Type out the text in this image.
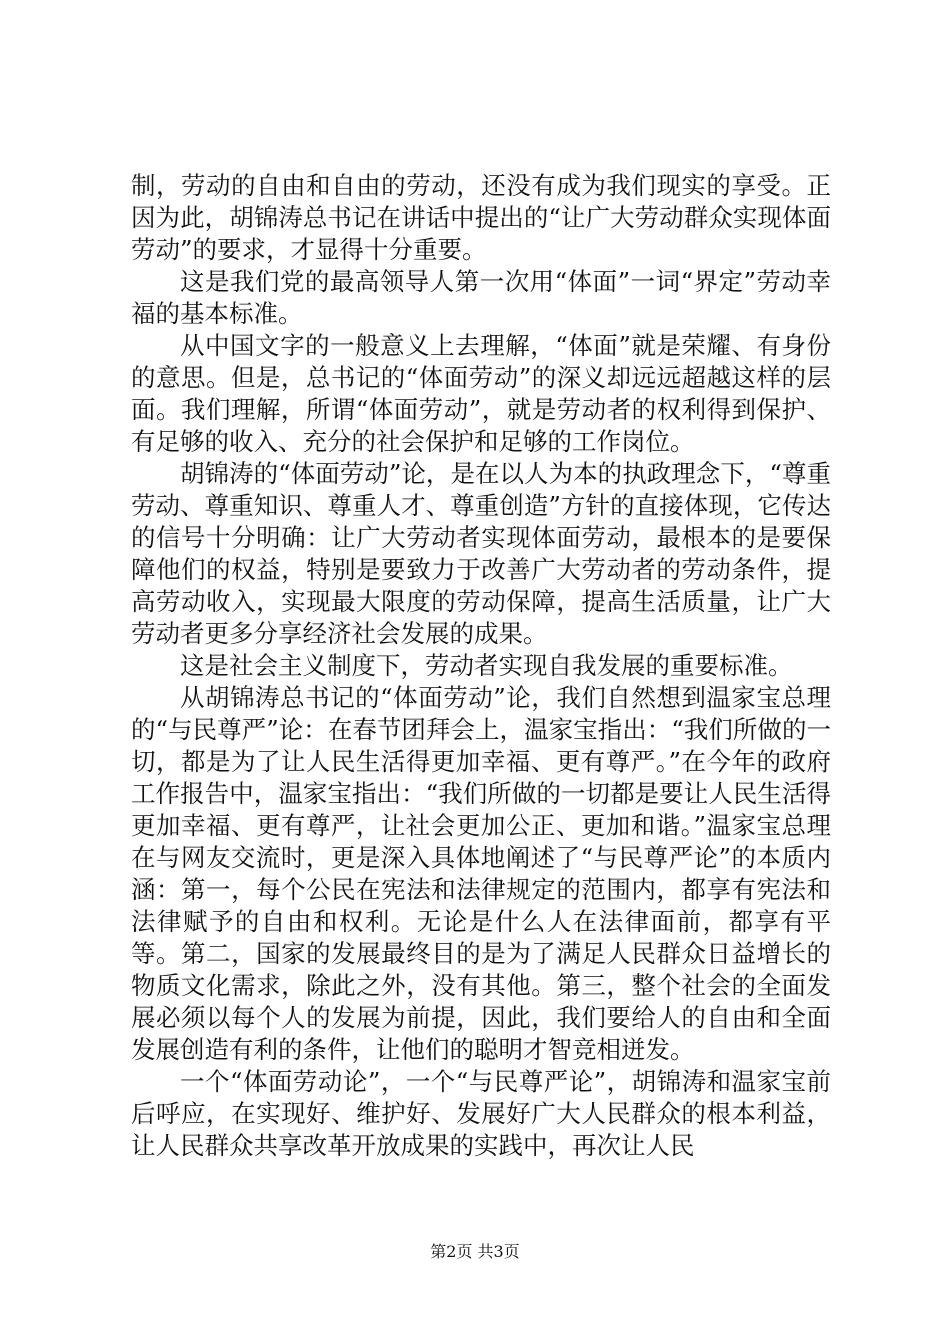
制，劳动的自由和自由的劳动，还没有成为我们现实的享受。正因为此，胡锦涛总书记在讲话中提出的“让广大劳动群众实现体面劳动”的要求，才显得十分重要。

这是我们党的最高领导人第一次用“体面”一词“界定”劳动幸福的基本标准。

从中国文字的一般意义上去理解，“体面”就是荣耀、有身份的意思。但是，总书记的“体面劳动”的深义却远远超越这样的层面。我们理解，所谓“体面劳动”，就是劳动者的权利得到保护、有足够的收入、充分的社会保护和足够的工作岗位。

胡锦涛的“体面劳动”论，是在以人为本的执政理念下，“尊重劳动、尊重知识、尊重人才、尊重创造”方针的直接体现，它传达的信号十分明确：让广大劳动者实现体面劳动，最根本的是要保障他们的权益，特别是要致力于改善广大劳动者的劳动条件，提高劳动收入，实现最大限度的劳动保障，提高生活质量，让广大劳动者更多分享经济社会发展的成果。

这是社会主义制度下，劳动者实现自我发展的重要标准。

从胡锦涛总书记的“体面劳动”论，我们自然想到温家宝总理的“与民尊严”论：在春节团拜会上，温家宝指出：“我们所做的一切，都是为了让人民生活得更加幸福、更有尊严。”在今年的政府工作报告中，温家宝指出：“我们所做的一切都是要让人民生活得更加幸福、更有尊严，让社会更加公正、更加和谐。”温家宝总理在与网友交流时，更是深入具体地阐述了“与民尊严论”的本质内涵：第一，每个公民在宪法和法律规定的范围内，都享有宪法和法律赋予的自由和权利。无论是什么人在法律面前，都享有平等。第二，国家的发展最终目的是为了满足人民群众日益增长的物质文化需求，除此之外，没有其他。第三，整个社会的全面发展必须以每个人的发展为前提，因此，我们要给人的自由和全面发展创造有利的条件，让他们的聪明才智竞相迸发。

一个“体面劳动论”，一个“与民尊严论”，胡锦涛和温家宝前后呼应，在实现好、维护好、发展好广大人民群众的根本利益，让人民群众共享改革开放成果的实践中，再次让人民

第2页 共3页
